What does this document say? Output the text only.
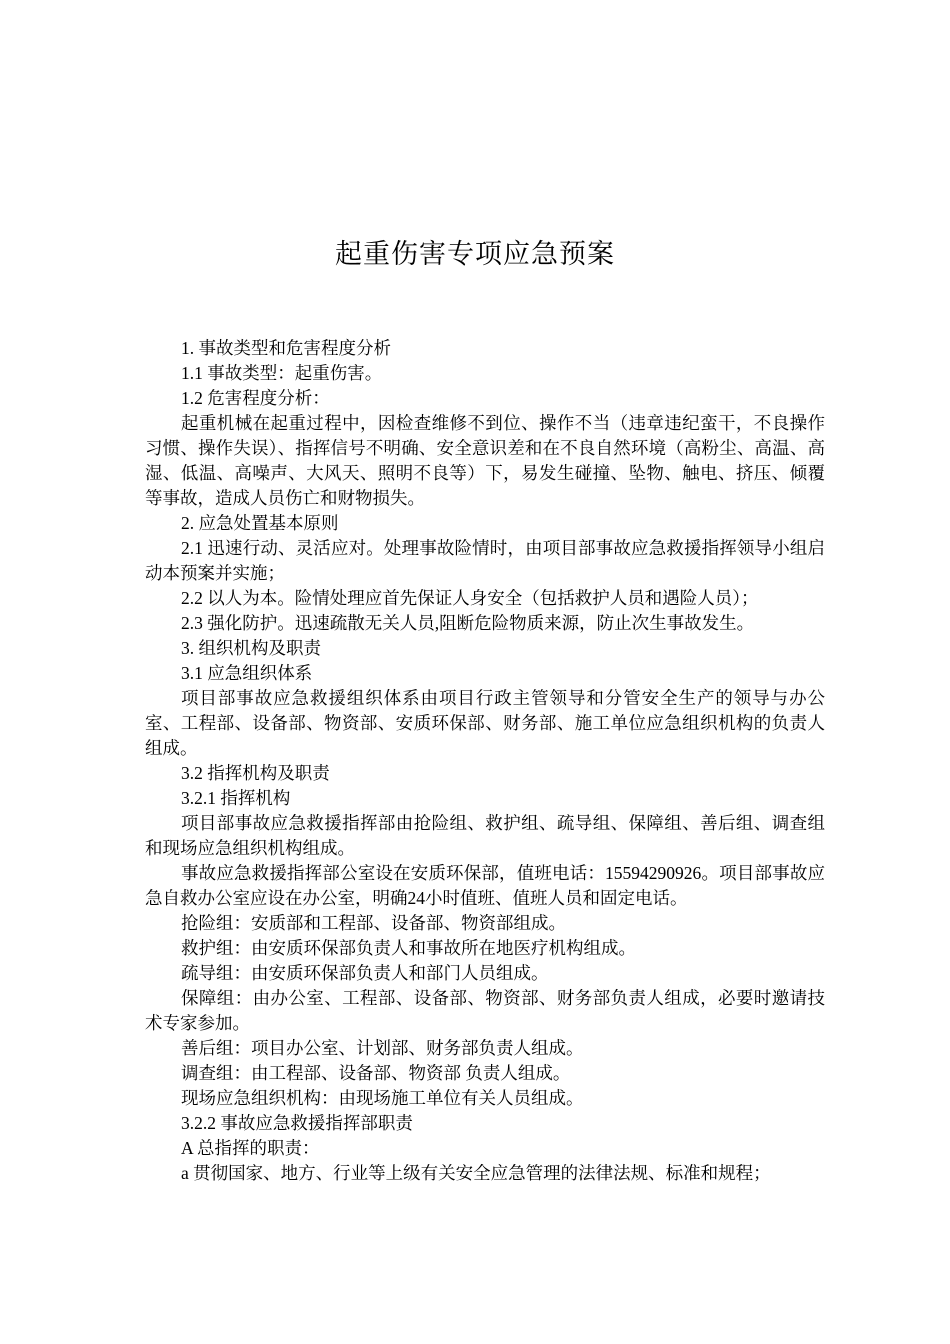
起重伤害专项应急预案

1. 事故类型和危害程度分析

1.1 事故类型：起重伤害。

1.2 危害程度分析：

起重机械在起重过程中，因检查维修不到位、操作不当（违章违纪蛮干，不良操作习惯、操作失误）、指挥信号不明确、安全意识差和在不良自然环境（高粉尘、高温、高湿、低温、高噪声、大风天、照明不良等）下，易发生碰撞、坠物、触电、挤压、倾覆等事故，造成人员伤亡和财物损失。

2. 应急处置基本原则

2.1 迅速行动、灵活应对。处理事故险情时，由项目部事故应急救援指挥领导小组启动本预案并实施；

2.2 以人为本。险情处理应首先保证人身安全（包括救护人员和遇险人员）；

2.3 强化防护。迅速疏散无关人员,阻断危险物质来源，防止次生事故发生。

3. 组织机构及职责

3.1 应急组织体系

项目部事故应急救援组织体系由项目行政主管领导和分管安全生产的领导与办公室、工程部、设备部、物资部、安质环保部、财务部、施工单位应急组织机构的负责人组成。

3.2 指挥机构及职责

3.2.1 指挥机构

项目部事故应急救援指挥部由抢险组、救护组、疏导组、保障组、善后组、调查组和现场应急组织机构组成。

事故应急救援指挥部公室设在安质环保部，值班电话：15594290926。项目部事故应急自救办公室应设在办公室，明确24小时值班、值班人员和固定电话。

抢险组：安质部和工程部、设备部、物资部组成。

救护组：由安质环保部负责人和事故所在地医疗机构组成。

疏导组：由安质环保部负责人和部门人员组成。

保障组：由办公室、工程部、设备部、物资部、财务部负责人组成，必要时邀请技术专家参加。

善后组：项目办公室、计划部、财务部负责人组成。

调查组：由工程部、设备部、物资部 负责人组成。

现场应急组织机构：由现场施工单位有关人员组成。

3.2.2 事故应急救援指挥部职责

A 总指挥的职责：

a 贯彻国家、地方、行业等上级有关安全应急管理的法律法规、标准和规程；
